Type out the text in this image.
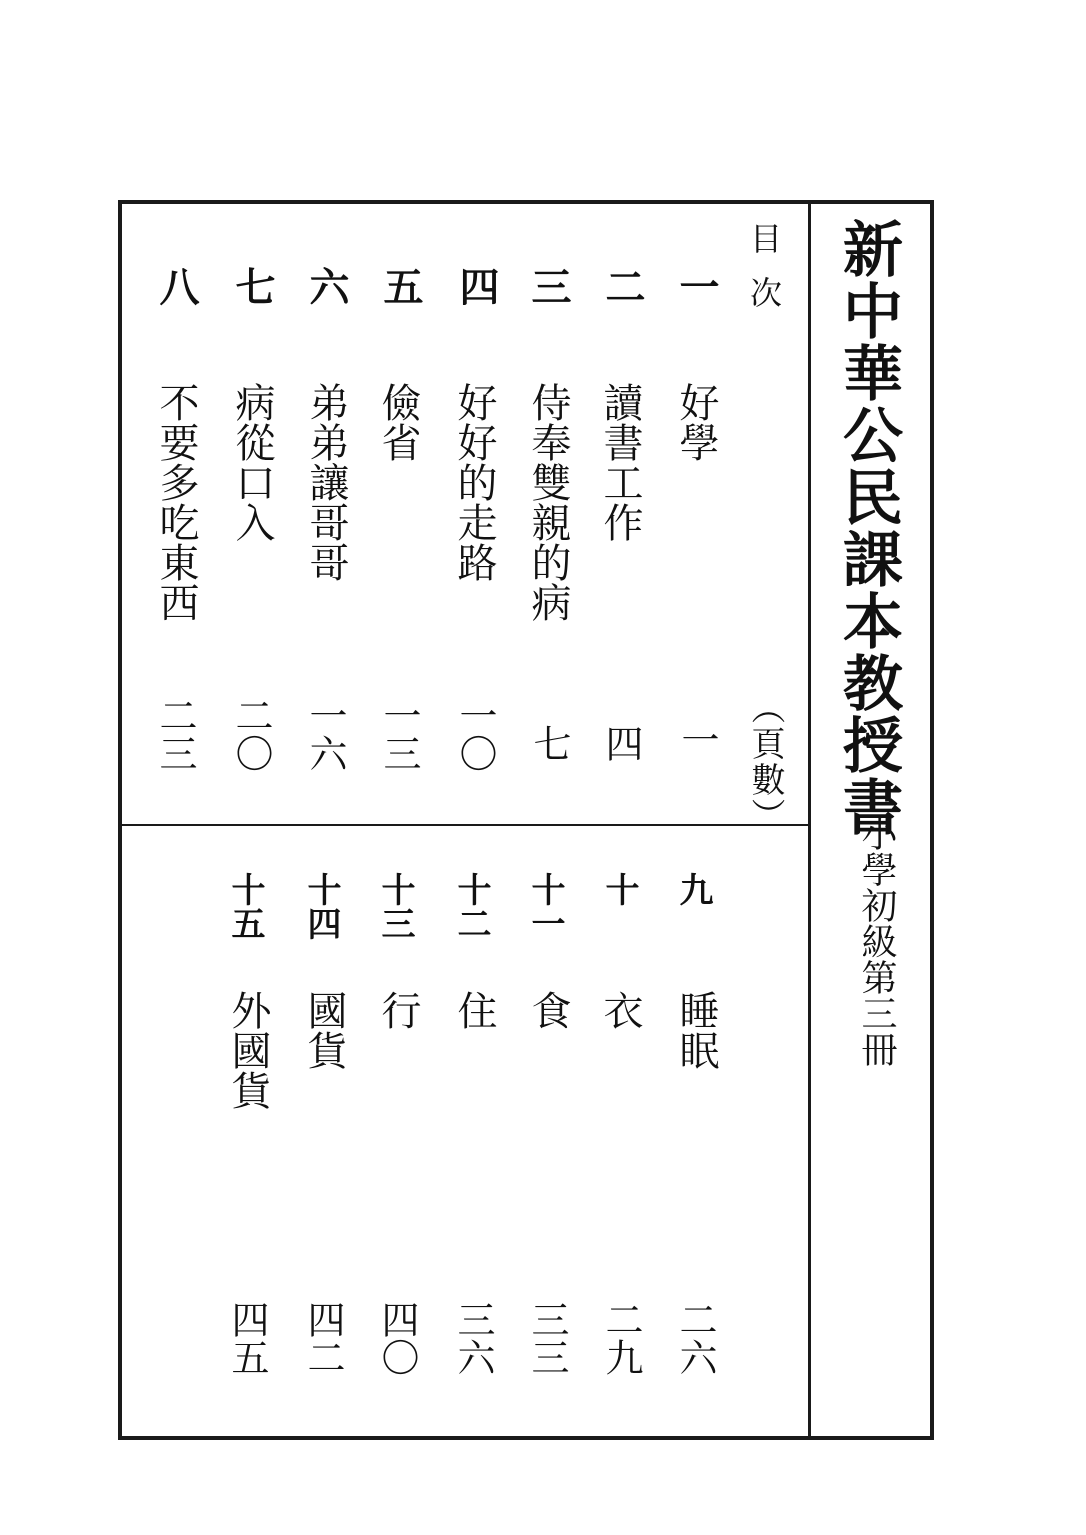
新中華公民課本教授書
小學初級第三冊
目次
（頁數）
一
好學
一
二
讀書工作
四
三
侍奉雙親的病
七
四
好好的走路
一〇
五
儉省
一三
六
弟弟讓哥哥
一六
七
病從口入
二〇
八
不要多吃東西
二三
九
睡眠
二六
十
衣
二九
十一
食
三三
十二
住
三六
十三
行
四〇
十四
國貨
四二
十五
外國貨
四五
